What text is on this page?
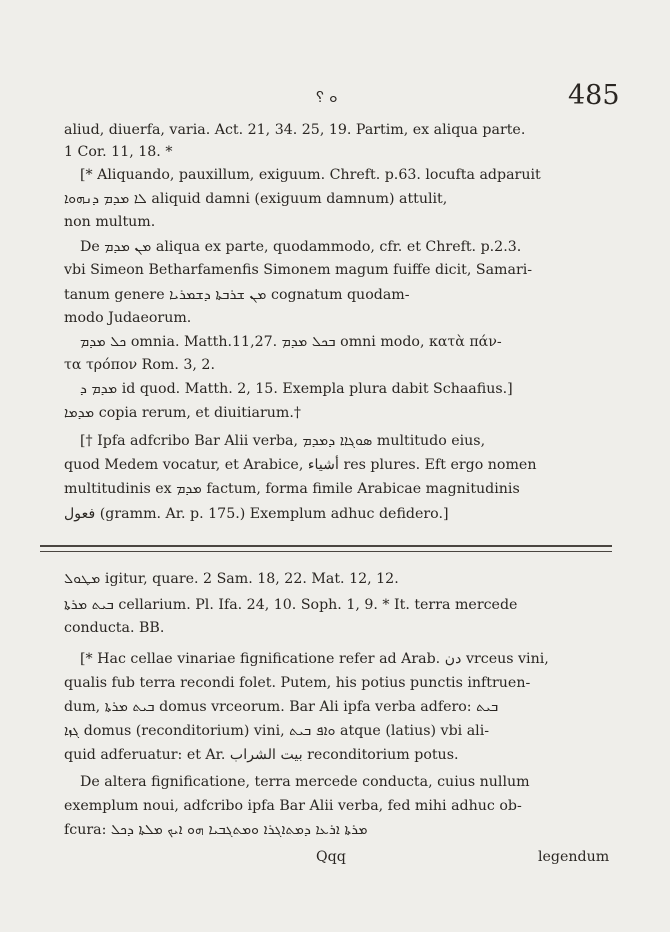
ܘ ؟	485
aliud, diuerfa, varia. Act. 21, 34. 25, 19. Partim, ex aliqua parte.
1 Cor. 11, 18. *
[* Aliquando, pauxillum, exiguum. Chreft. p.63. locufta adparuit
ܠܐ ܡܕܡ ܕܢܗܘܐ aliquid damni (exiguum damnum) attulit,
non multum.
De ܡܢ ܡܕܡ aliqua ex parte, quodammodo, cfr. et Chreft. p.2.3.
vbi Simeon Betharfamenfis Simonem magum fuiffe dicit, Samari-
tanum genere ܡܢ ܫܪܒܬܐ ܕܫܡܪܝܐ cognatum quodam-
modo Judaeorum.
ܟܠ ܡܕܡ omnia. Matth.11,27. ܒܟܠ ܡܕܡ omni modo, κατὰ πάν-
τα τρόπον Rom. 3, 2.
ܡܕܡ ܕ id quod. Matth. 2, 15. Exempla plura dabit Schaafius.]
ܡܕܡܐ copia rerum, et diuitiarum.†
[† Ipfa adfcribo Bar Alii verba, ܣܘܓܐܐ ܕܡܕܡ multitudo eius,
quod Medem vocatur, et Arabice, أشياء res plures. Eft ergo nomen
multitudinis ex ܡܕܡ factum, forma fimile Arabicae magnitudinis
فعول (gramm. Ar. p. 175.) Exemplum adhuc defidero.]
ܡܛܘܠ igitur, quare. 2 Sam. 18, 22. Mat. 12, 12.
ܒܝܬ ܡܪܬܐ cellarium. Pl. Ifa. 24, 10. Soph. 1, 9. * It. terra mercede
conducta. BB.
[* Hac cellae vinariae fignificatione refer ad Arab. دن vrceus vini,
qualis fub terra recondi folet. Putem, his potius punctis inftruen-
dum, ܒܝܬ ܡܪܬܐ domus vrceorum. Bar Ali ipfa verba adfero: ܒܝܬ
ܓܙܐ domus (reconditorium) vini, ܘܐܦ ܒܝܬ atque (latius) vbi ali-
quid adferuatur: et Ar. بيت الشراب reconditorium potus.
De altera fignificatione, terra mercede conducta, cuius nullum
exemplum noui, adfcribo ipfa Bar Alii verba, fed mihi adhuc ob-
fcura: ܡܪܬܐ ܐܪܥܐ ܕܡܬܐܓܪܐ ܘܡܬܓܒܝܐ ܗܘ ܐܝܟ ܡܠܬܐ ܕܟܠ
Qqq	legendum
